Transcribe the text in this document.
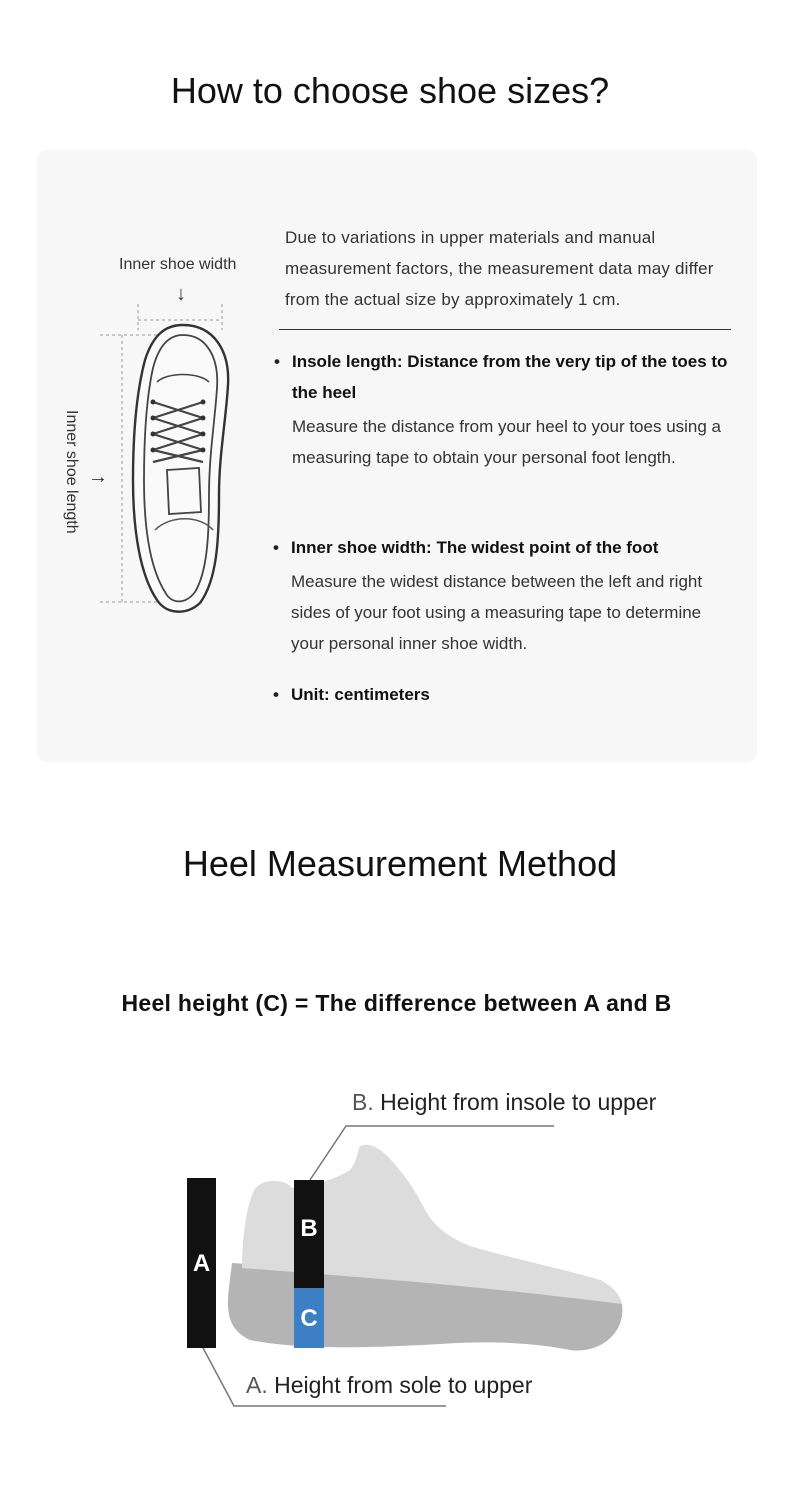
How to choose shoe sizes?
Inner shoe width
↓
Inner shoe length →
Due to variations in upper materials and manual measurement factors, the measurement data may differ from the actual size by approximately 1 cm.
• Insole length: Distance from the very tip of the toes to the heel
Measure the distance from your heel to your toes using a measuring tape to obtain your personal foot length.
• Inner shoe width: The widest point of the foot
Measure the widest distance between the left and right sides of your foot using a measuring tape to determine your personal inner shoe width.
• Unit: centimeters
Heel Measurement Method
Heel height (C) = The difference between A and B
A
B
C
B. Height from insole to upper
A. Height from sole to upper
